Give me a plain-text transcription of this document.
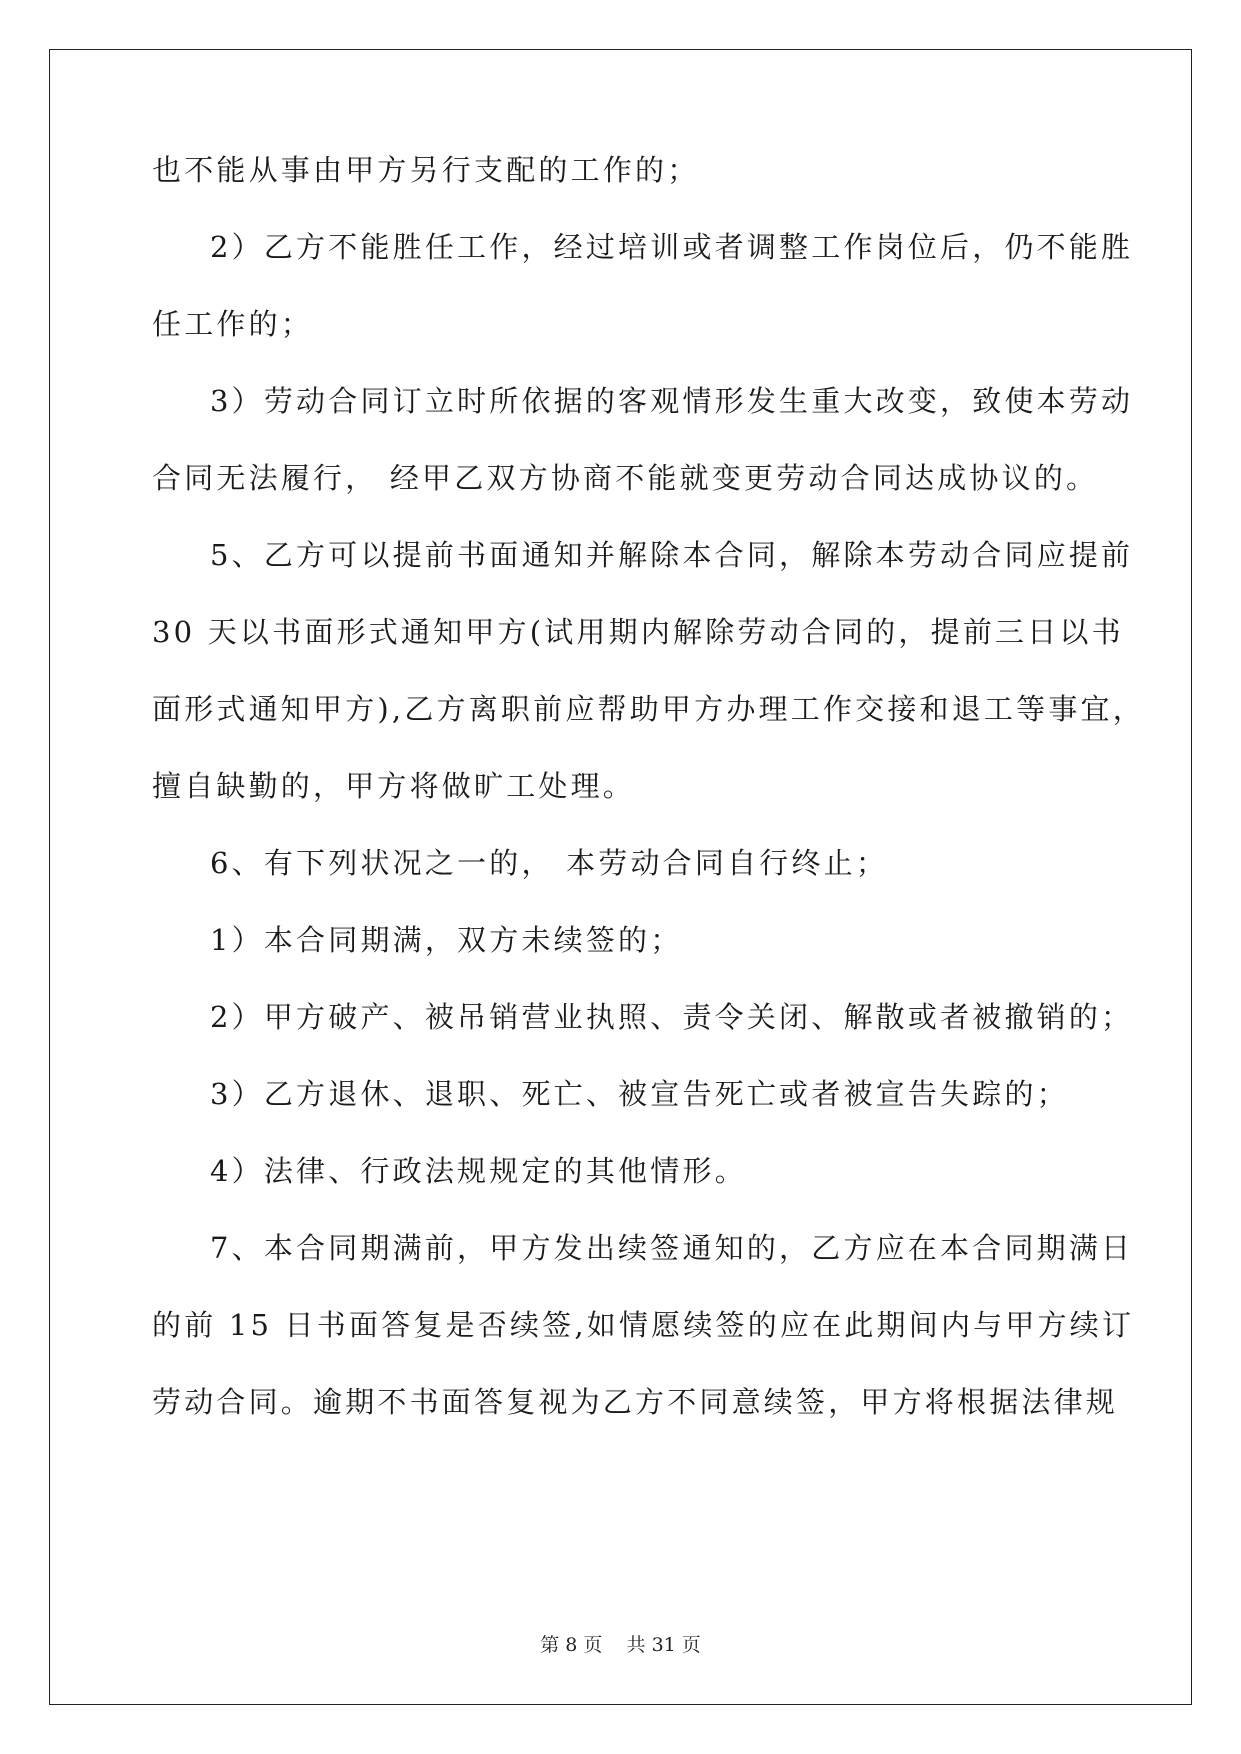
也不能从事由甲方另行支配的工作的；
2）乙方不能胜任工作，经过培训或者调整工作岗位后，仍不能胜
任工作的；
3）劳动合同订立时所依据的客观情形发生重大改变，致使本劳动
合同无法履行， 经甲乙双方协商不能就变更劳动合同达成协议的。
5、乙方可以提前书面通知并解除本合同，解除本劳动合同应提前
30 天以书面形式通知甲方(试用期内解除劳动合同的，提前三日以书
面形式通知甲方),乙方离职前应帮助甲方办理工作交接和退工等事宜，
擅自缺勤的，甲方将做旷工处理。
6、有下列状况之一的， 本劳动合同自行终止；
1）本合同期满，双方未续签的；
2）甲方破产、被吊销营业执照、责令关闭、解散或者被撤销的；
3）乙方退休、退职、死亡、被宣告死亡或者被宣告失踪的；
4）法律、行政法规规定的其他情形。
7、本合同期满前，甲方发出续签通知的，乙方应在本合同期满日
的前 15 日书面答复是否续签,如情愿续签的应在此期间内与甲方续订
劳动合同。逾期不书面答复视为乙方不同意续签，甲方将根据法律规
第 8 页    共 31 页
